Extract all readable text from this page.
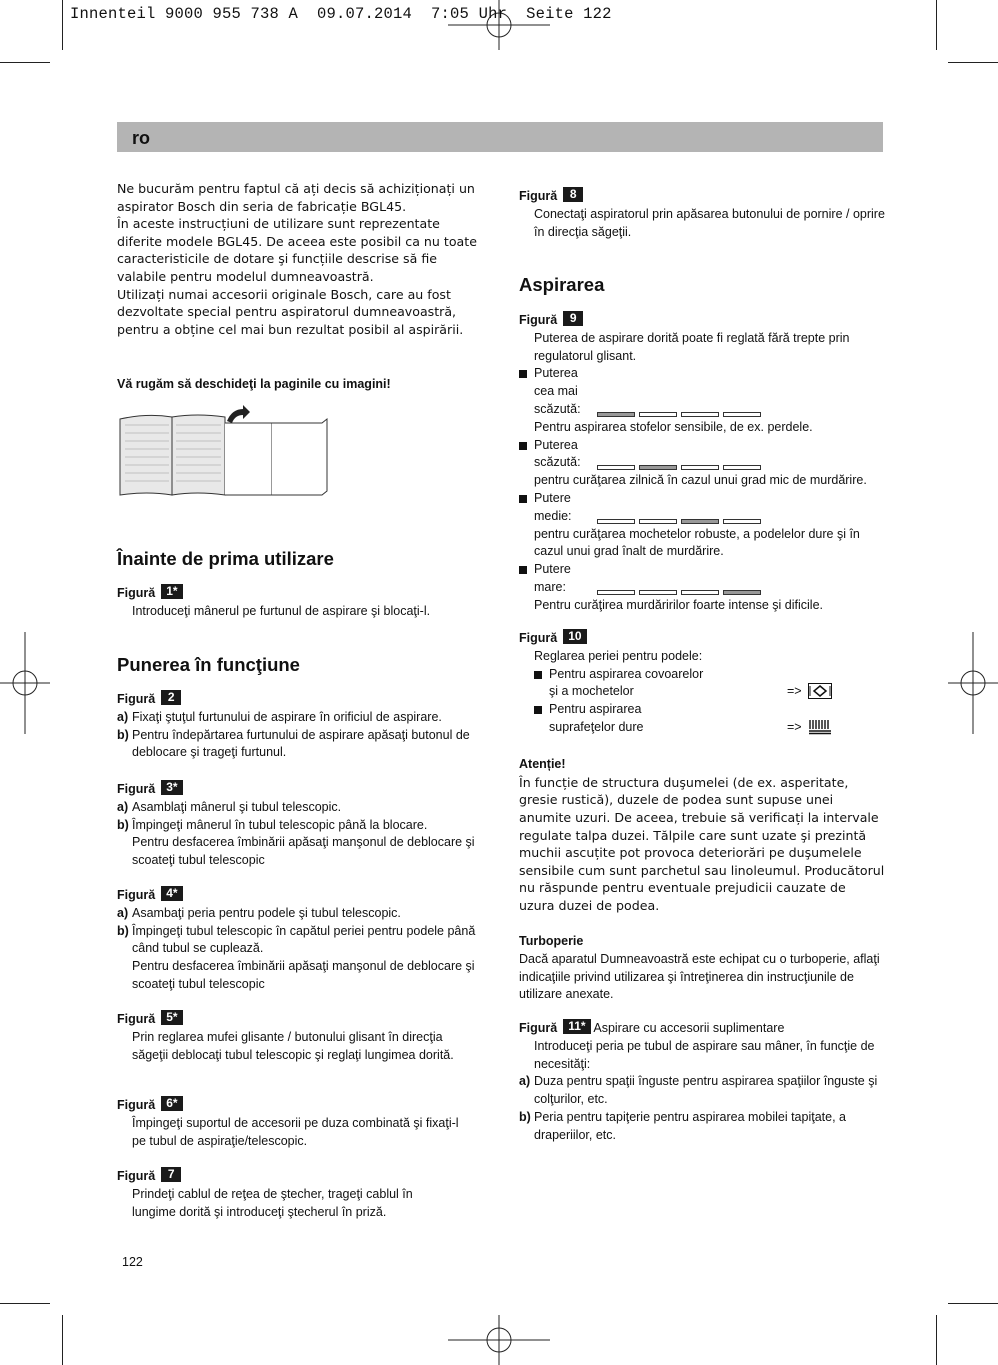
Innenteil 9000 955 738 A  09.07.2014  7:05 Uhr  Seite 122
ro

Ne bucurăm pentru faptul că ați decis să achiziționați un aspirator Bosch din seria de fabricație BGL45.

În aceste instrucțiuni de utilizare sunt reprezentate diferite modele BGL45. De aceea este posibil ca nu toate caracteristicile de dotare şi funcțiile descrise să fie valabile pentru modelul dumneavoastră.

Utilizați numai accesorii originale Bosch, care au fost dezvoltate special pentru aspiratorul dumneavoastră, pentru a obține cel mai bun rezultat posibil al aspirării.

Vă rugăm să deschideţi la paginile cu imagini!
Înainte de prima utilizare
Figură 1*
Introduceţi mânerul pe furtunul de aspirare şi blocaţi-l.
Punerea în funcţiune
Figură 2
a) Fixaţi ştuţul furtunului de aspirare în orificiul de aspirare.
b) Pentru îndepărtarea furtunului de aspirare apăsaţi butonul de deblocare şi trageţi furtunul.
Figură 3*
a) Asamblaţi mânerul şi tubul telescopic.
b) Împingeţi mânerul în tubul telescopic până la blocare.
Pentru desfacerea îmbinării apăsaţi manşonul de deblocare şi scoateţi tubul telescopic
Figură 4*
a) Asambaţi peria pentru podele şi tubul telescopic.
b) Împingeţi tubul telescopic în capătul periei pentru podele până când tubul se cuplează.
Pentru desfacerea îmbinării apăsaţi manşonul de deblocare şi scoateţi tubul telescopic
Figură 5*
Prin reglarea mufei glisante / butonului glisant în direcţia săgeţii deblocaţi tubul telescopic şi reglaţi lungimea dorită.
Figură 6*
Împingeţi suportul de accesorii pe duza combinată şi fixaţi-l pe tubul de aspiraţie/telescopic.
Figură 7
Prindeţi cablul de reţea de ştecher, trageţi cablul în lungime dorită şi introduceţi ştecherul în priză.
122
Figură 8
Conectaţi aspiratorul prin apăsarea butonului de pornire / oprire în direcţia săgeţii.
Aspirarea
Figură 9
Puterea de aspirare dorită poate fi reglată fără trepte prin regulatorul glisant.
Puterea cea mai
scăzută:
Pentru aspirarea stofelor sensibile, de ex. perdele.
Puterea
scăzută:
pentru curăţarea zilnică în cazul unui grad mic de murdărire.
Putere
medie:
pentru curăţarea mochetelor robuste, a podelelor dure şi în cazul unui grad înalt de murdărire.
Putere
mare:
Pentru curăţirea murdăririlor foarte intense şi dificile.
Figură 10
Reglarea periei pentru podele:
Pentru aspirarea covoarelor
şi a mochetelor	=>
Pentru aspirarea
suprafeţelor dure	=>
Atenție!
În funcție de structura duşumelei (de ex. asperitate, gresie rustică), duzele de podea sunt supuse unei anumite uzuri. De aceea, trebuie să verificați la intervale regulate talpa duzei. Tălpile care sunt uzate şi prezintă muchii ascuțite pot provoca deteriorări pe duşumelele sensibile cum sunt parchetul sau linoleumul. Producătorul nu răspunde pentru eventuale prejudicii cauzate de uzura duzei de podea.
Turboperie
Dacă aparatul Dumneavoastră este echipat cu o turboperie, aflaţi indicaţiile privind utilizarea şi întreţinerea din instrucţiunile de utilizare anexate.
Figură 11* Aspirare cu accesorii suplimentare
Introduceţi peria pe tubul de aspirare sau mâner, în funcţie de necesităţi:
a) Duza pentru spaţii înguste pentru aspirarea spaţiilor înguste şi colţurilor, etc.
b) Peria pentru tapiţerie pentru aspirarea mobilei tapiţate, a draperiilor, etc.
